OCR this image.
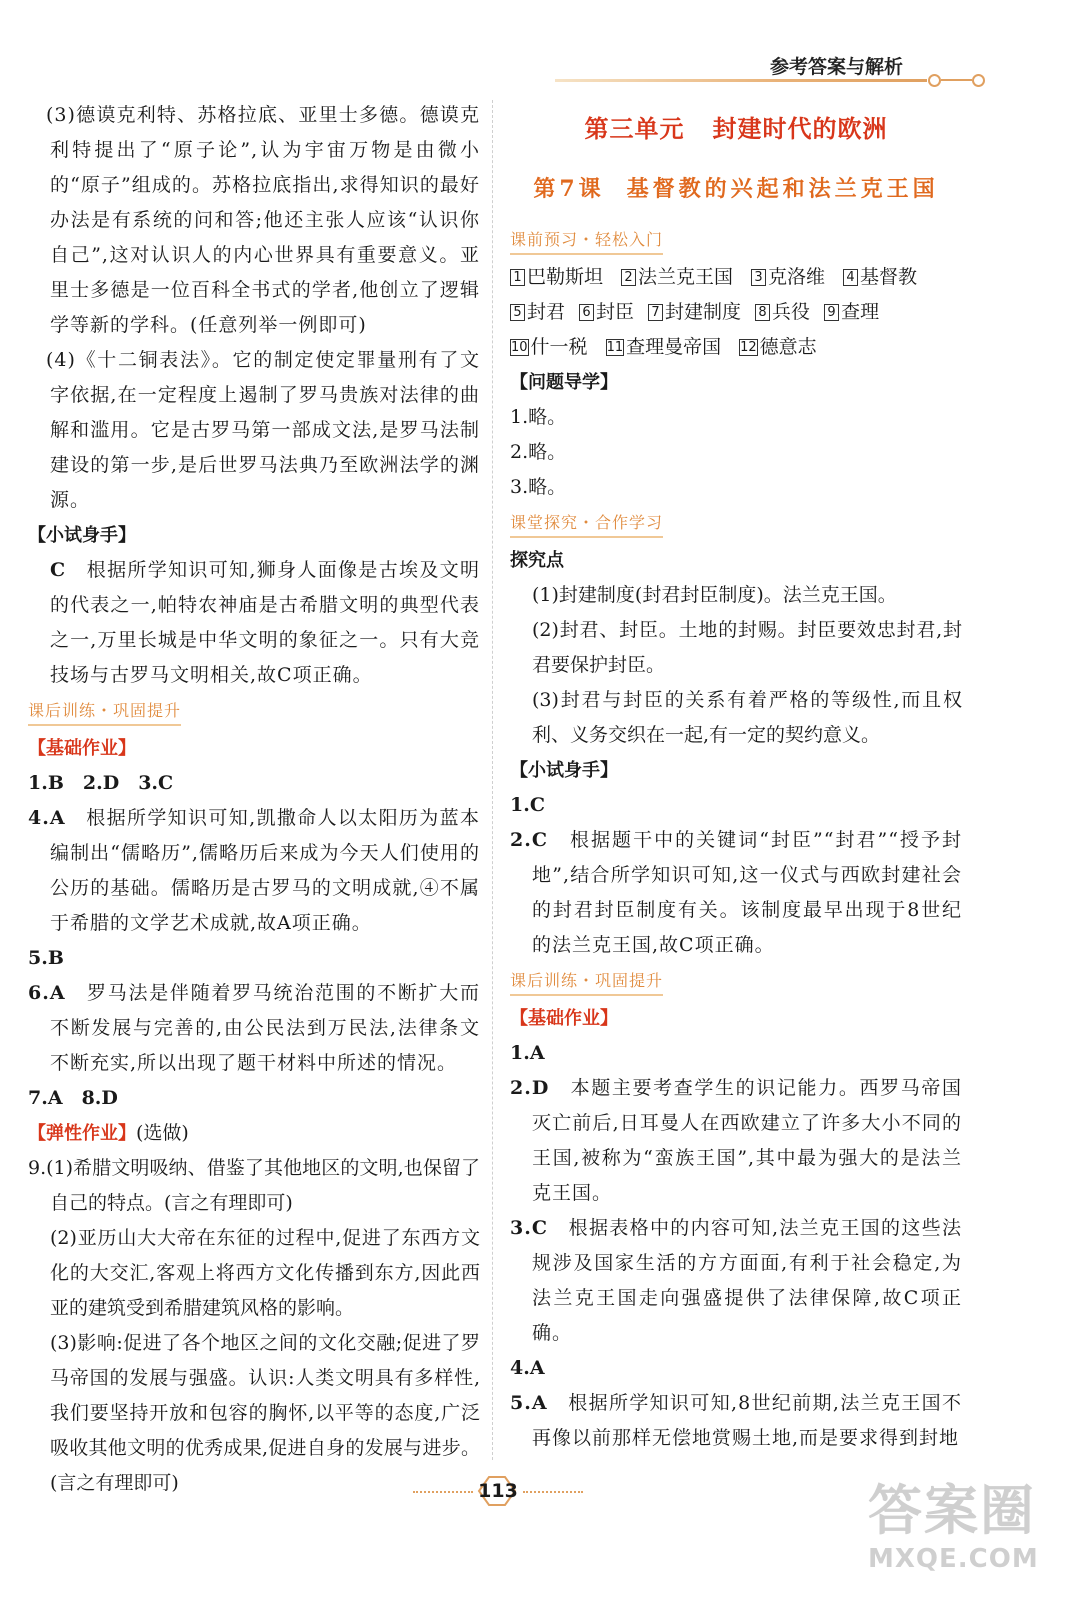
参考答案与解析

(3)德谟克利特、苏格拉底、亚里士多德。德谟克利特提出了“原子论”,认为宇宙万物是由微小的“原子”组成的。苏格拉底指出,求得知识的最好办法是有系统的问和答;他还主张人应该“认识你自己”,这对认识人的内心世界具有重要意义。亚里士多德是一位百科全书式的学者,他创立了逻辑学等新的学科。(任意列举一例即可)

(4)《十二铜表法》。它的制定使定罪量刑有了文字依据,在一定程度上遏制了罗马贵族对法律的曲解和滥用。它是古罗马第一部成文法,是罗马法制建设的第一步,是后世罗马法典乃至欧洲法学的渊源。

【小试身手】

C　 根据所学知识可知,狮身人面像是古埃及文明的代表之一,帕特农神庙是古希腊文明的典型代表之一,万里长城是中华文明的象征之一。只有大竞技场与古罗马文明相关,故C项正确。

课后训练・巩固提升

【基础作业】

1.B　2.D　3.C

4.A　 根据所学知识可知,凯撒命人以太阳历为蓝本编制出“儒略历”,儒略历后来成为今天人们使用的公历的基础。儒略历是古罗马的文明成就,④不属于希腊的文学艺术成就,故A项正确。

5.B

6.A　 罗马法是伴随着罗马统治范围的不断扩大而不断发展与完善的,由公民法到万民法,法律条文不断充实,所以出现了题干材料中所述的情况。

7.A　8.D

【弹性作业】(选做)

9.(1)希腊文明吸纳、借鉴了其他地区的文明,也保留了自己的特点。(言之有理即可)

(2)亚历山大大帝在东征的过程中,促进了东西方文化的大交汇,客观上将西方文化传播到东方,因此西亚的建筑受到希腊建筑风格的影响。

(3)影响:促进了各个地区之间的文化交融;促进了罗马帝国的发展与强盛。认识:人类文明具有多样性,我们要坚持开放和包容的胸怀,以平等的态度,广泛吸收其他文明的优秀成果,促进自身的发展与进步。(言之有理即可)

第三单元 封建时代的欧洲
第7课 基督教的兴起和法兰克王国
课前预习・轻松入门
1 巴勒斯坦 2 法兰克王国 3 克洛维 4 基督教
5 封君 6 封臣 7 封建制度 8 兵役 9 查理
10 什一税 11 查理曼帝国 12 德意志

【问题导学】

1.略。

2.略。

3.略。

课堂探究・合作学习

探究点

(1)封建制度(封君封臣制度)。法兰克王国。

(2)封君、封臣。土地的封赐。封臣要效忠封君,封君要保护封臣。

(3)封君与封臣的关系有着严格的等级性,而且权利、义务交织在一起,有一定的契约意义。

【小试身手】

1.C

2.C　 根据题干中的关键词“封臣”“封君”“授予封地”,结合所学知识可知,这一仪式与西欧封建社会的封君封臣制度有关。该制度最早出现于8世纪的法兰克王国,故C项正确。

课后训练・巩固提升

【基础作业】

1.A

2.D　 本题主要考查学生的识记能力。西罗马帝国灭亡前后,日耳曼人在西欧建立了许多大小不同的王国,被称为“蛮族王国”,其中最为强大的是法兰克王国。

3.C　 根据表格中的内容可知,法兰克王国的这些法规涉及国家生活的方方面面,有利于社会稳定,为法兰克王国走向强盛提供了法律保障,故C项正确。

4.A

5.A　 根据所学知识可知,8世纪前期,法兰克王国不再像以前那样无偿地赏赐土地,而是要求得到封地

113	答案圈
MXQE.COM
